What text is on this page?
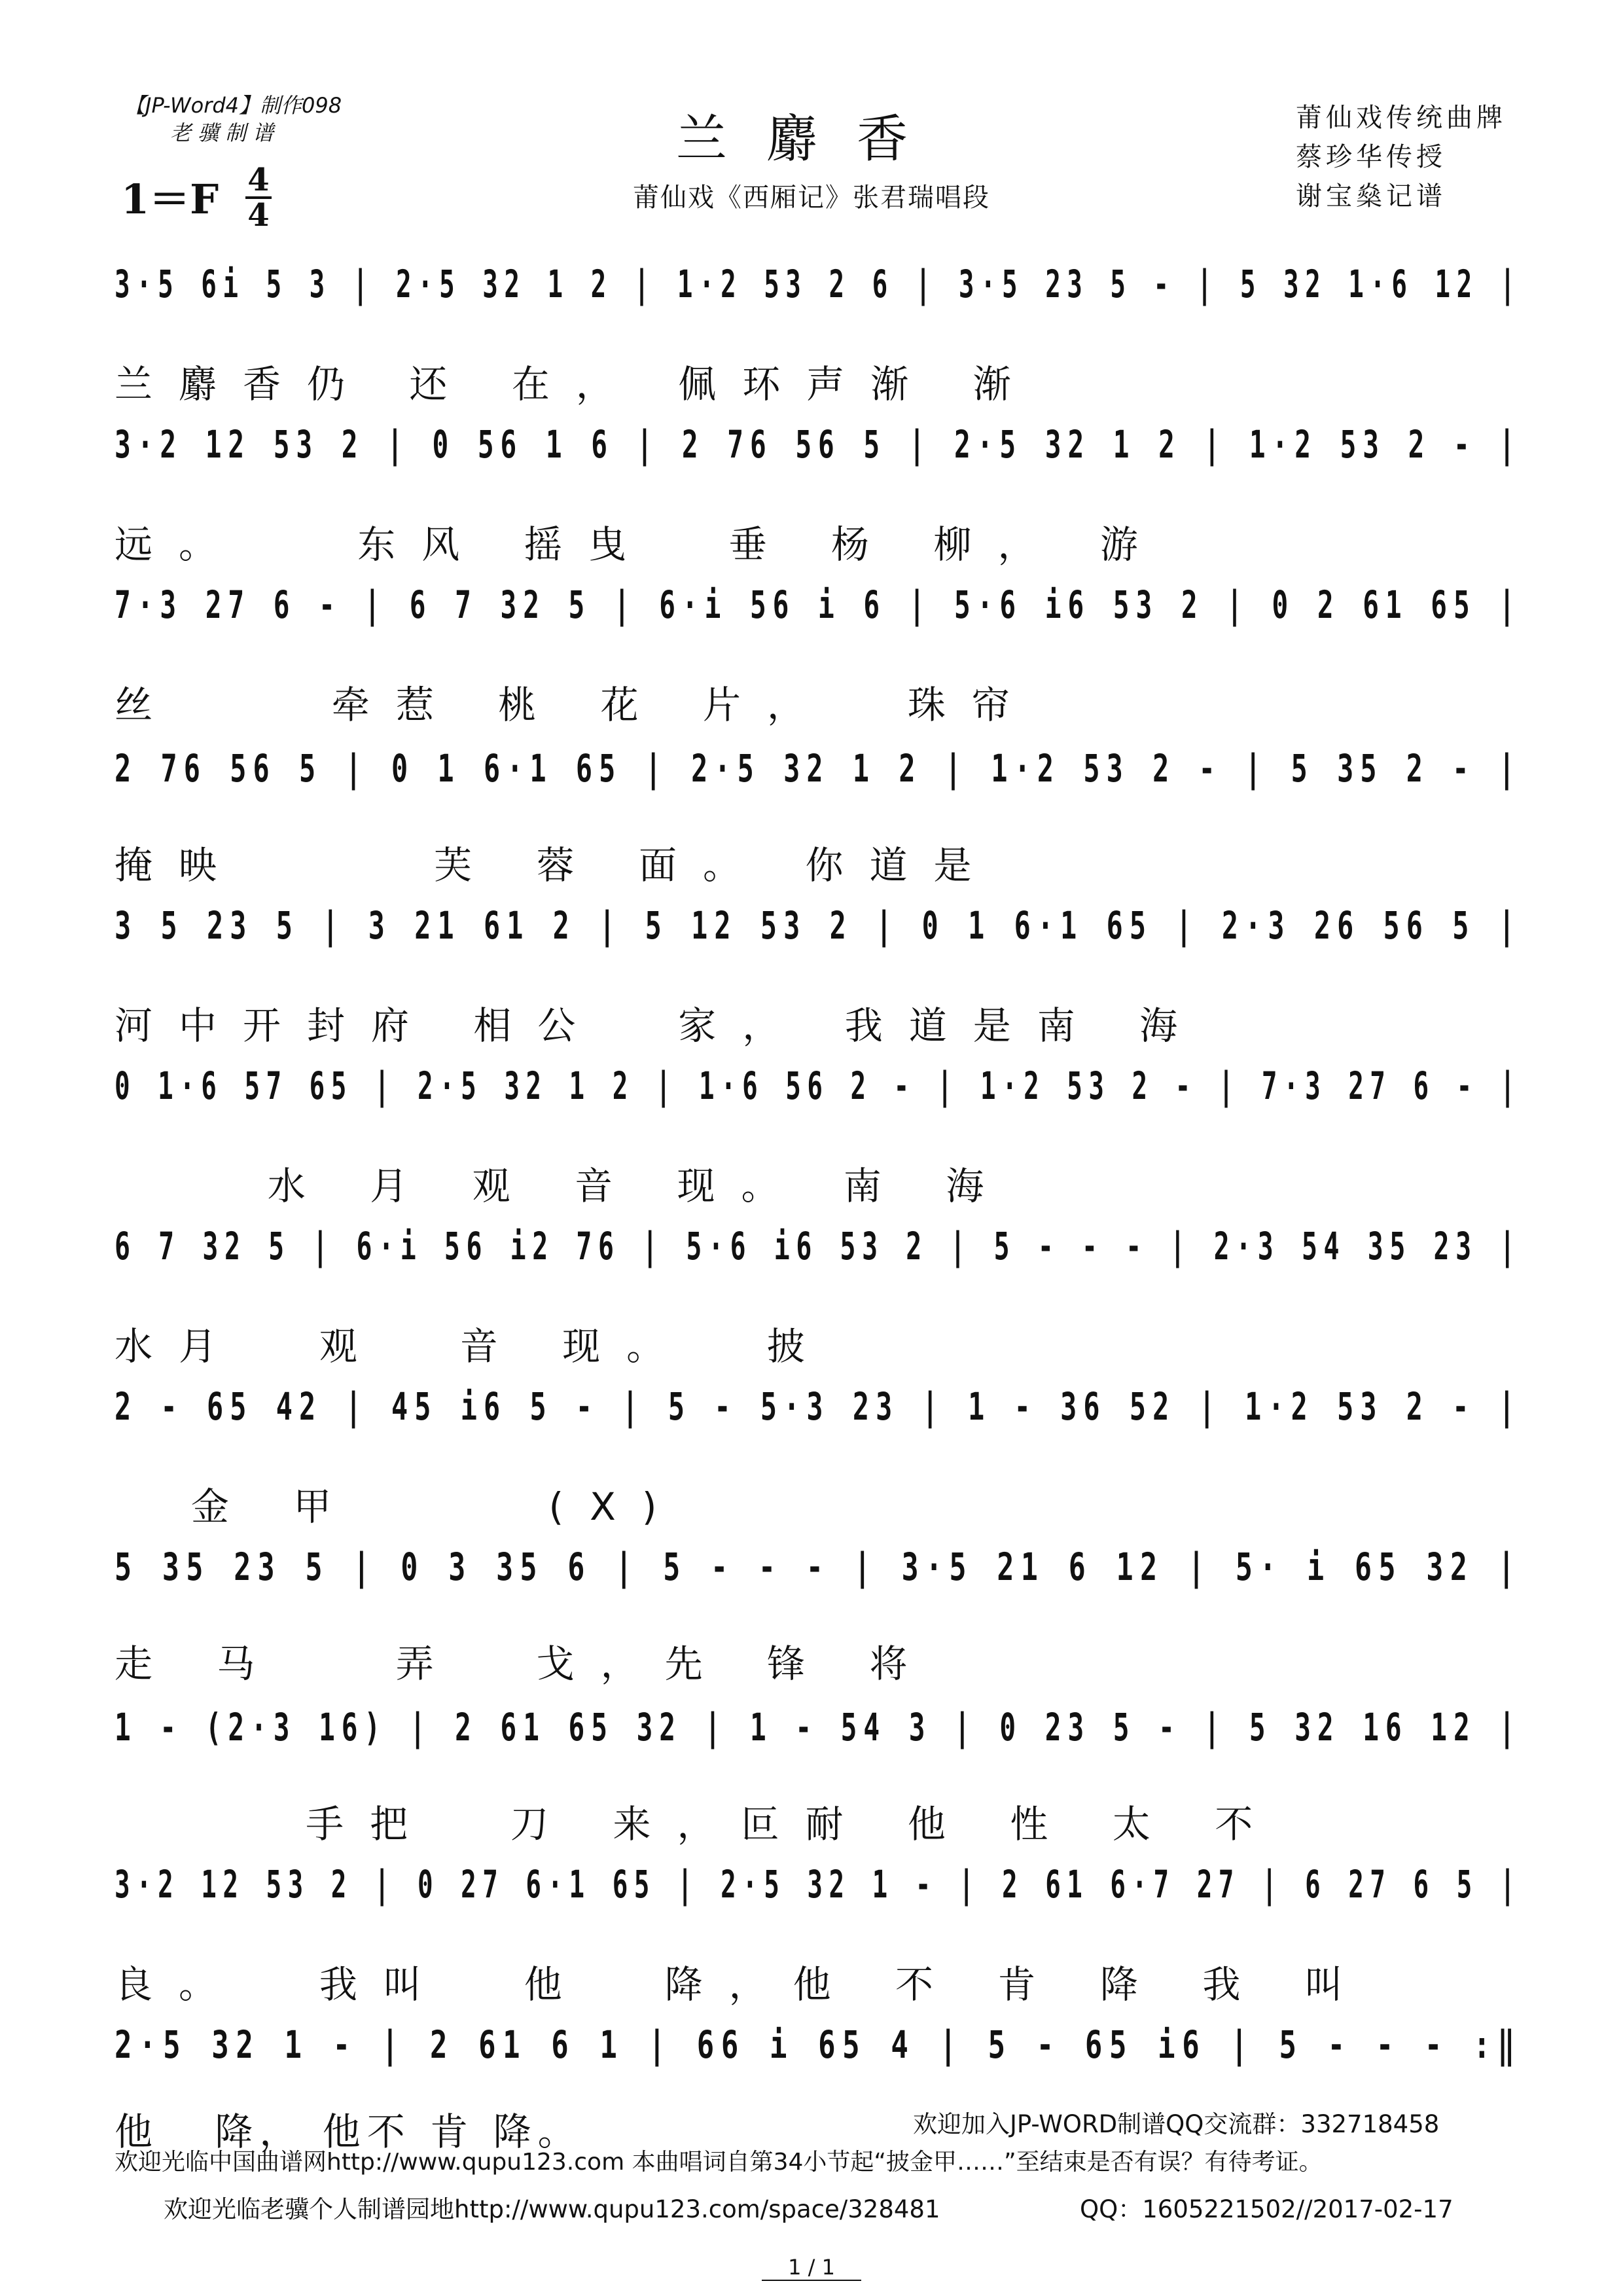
【JP-Word4】制作098
老骥制谱	兰麝香
莆仙戏《西厢记》张君瑞唱段
莆仙戏传统曲牌
蔡珍华传授
谢宝燊记谱
1＝F 4
4
3·5 6i 5 3 | 2·5 32 1 2 | 1·2 53 2 6 | 3·5 23 5 - | 5 32 1·6 12 |
兰麝香仍 还 在， 佩环声渐 渐
3·2 12 53 2 | 0 56 1 6 | 2 76 56 5 | 2·5 32 1 2 | 1·2 53 2 - |
远。   东风 摇曳  垂 杨 柳， 游
7·3 27 6 - | 6 7 32 5 | 6·i 56 i 6 | 5·6 i6 53 2 | 0 2 61 65 |
丝    牵惹 桃 花 片，  珠帘
2 76 56 5 | 0 1 6·1 65 | 2·5 32 1 2 | 1·2 53 2 - | 5 35 2 - |
掩映     芙 蓉 面。 你道是
3 5 23 5 | 3 21 61 2 | 5 12 53 2 | 0 1 6·1 65 | 2·3 26 56 5 |
河中开封府 相公  家， 我道是南 海
0 1·6 57 65 | 2·5 32 1 2 | 1·6 56 2 - | 1·2 53 2 - | 7·3 27 6 - |
水 月 观 音 现。 南 海
6 7 32 5 | 6·i 56 i2 76 | 5·6 i6 53 2 | 5 - - - | 2·3 54 35 23 |
水月  观  音 现。  披
2 - 65 42 | 45 i6 5 - | 5 - 5·3 23 | 1 - 36 52 | 1·2 53 2 - |
金 甲     (X)
5 35 23 5 | 0 3 35 6 | 5 - - - | 3·5 21 6 12 | 5· i 65 32 |
走 马   弄  戈，先 锋 将
1 - (2·3 16) | 2 61 65 32 | 1 - 54 3 | 0 23 5 - | 5 32 16 12 |
手把  刀 来，叵耐 他 性 太 不
3·2 12 53 2 | 0 27 6·1 65 | 2·5 32 1 - | 2 61 6·7 27 | 6 27 6 5 |
良。  我叫  他  降，他 不 肯 降 我 叫
2·5 32 1 - | 2 61 6 1 | 66 i 65 4 | 5 - 65 i6 | 5 - - - :‖
他   降， 他不 肯 降。	欢迎加入JP-WORD制谱QQ交流群：332718458
欢迎光临中国曲谱网http://www.qupu123.com 本曲唱词自第34小节起“披金甲……”至结束是否有误？有待考证。
欢迎光临老骥个人制谱园地http://www.qupu123.com/space/328481	QQ：1605221502//2017-02-17
1 / 1
